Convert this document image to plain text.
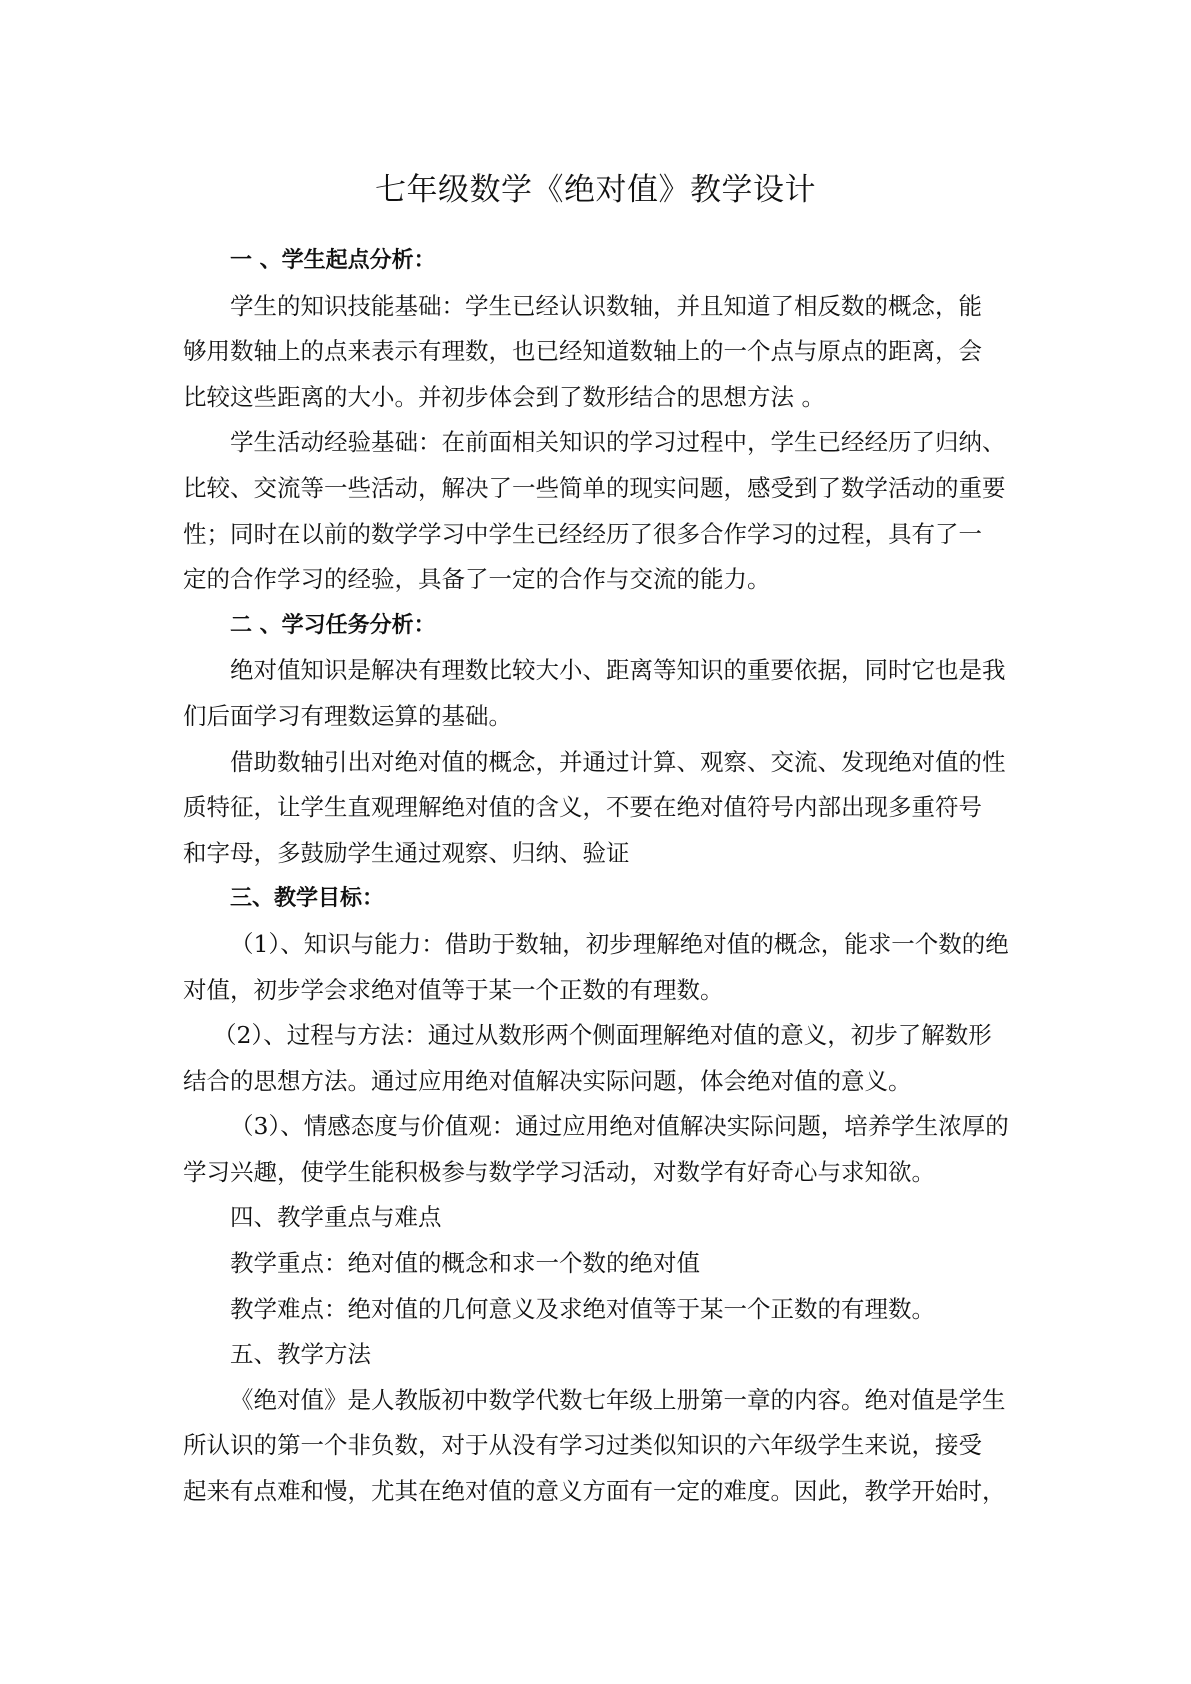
七年级数学《绝对值》教学设计
一 、学生起点分析：
学生的知识技能基础：学生已经认识数轴，并且知道了相反数的概念，能
够用数轴上的点来表示有理数，也已经知道数轴上的一个点与原点的距离，会
比较这些距离的大小。并初步体会到了数形结合的思想方法 。
学生活动经验基础：在前面相关知识的学习过程中，学生已经经历了归纳、
比较、交流等一些活动，解决了一些简单的现实问题，感受到了数学活动的重要
性；同时在以前的数学学习中学生已经经历了很多合作学习的过程，具有了一
定的合作学习的经验，具备了一定的合作与交流的能力。
二 、学习任务分析：
绝对值知识是解决有理数比较大小、距离等知识的重要依据，同时它也是我
们后面学习有理数运算的基础。
借助数轴引出对绝对值的概念，并通过计算、观察、交流、发现绝对值的性
质特征，让学生直观理解绝对值的含义，不要在绝对值符号内部出现多重符号
和字母，多鼓励学生通过观察、归纳、验证
三、教学目标：
（1）、知识与能力：借助于数轴，初步理解绝对值的概念，能求一个数的绝
对值，初步学会求绝对值等于某一个正数的有理数。
（2）、过程与方法：通过从数形两个侧面理解绝对值的意义，初步了解数形
结合的思想方法。通过应用绝对值解决实际问题，体会绝对值的意义。
（3）、情感态度与价值观：通过应用绝对值解决实际问题，培养学生浓厚的
学习兴趣，使学生能积极参与数学学习活动，对数学有好奇心与求知欲。
四、教学重点与难点
教学重点：绝对值的概念和求一个数的绝对值
教学难点：绝对值的几何意义及求绝对值等于某一个正数的有理数。
五、教学方法
《绝对值》是人教版初中数学代数七年级上册第一章的内容。绝对值是学生
所认识的第一个非负数，对于从没有学习过类似知识的六年级学生来说，接受
起来有点难和慢，尤其在绝对值的意义方面有一定的难度。因此，教学开始时，
